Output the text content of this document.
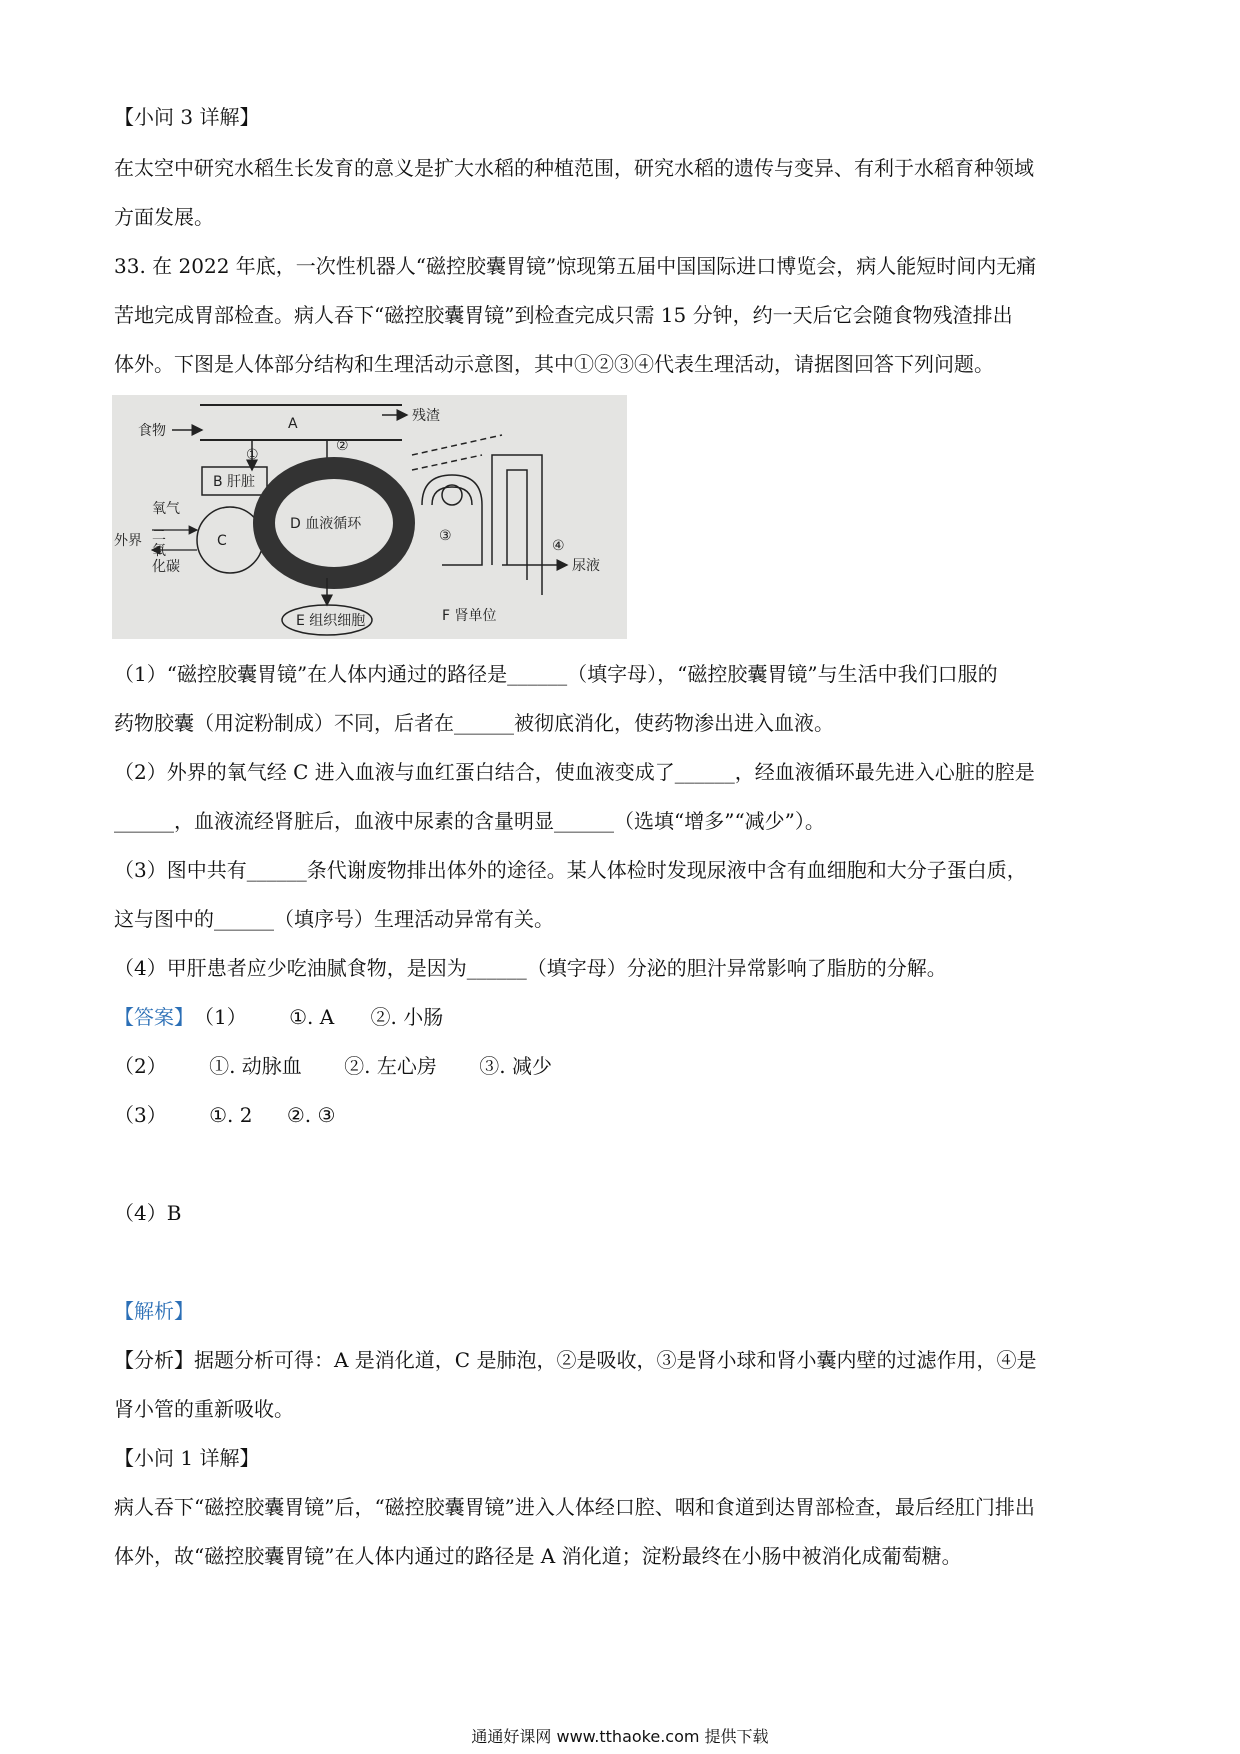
【小问 3 详解】
在太空中研究水稻生长发育的意义是扩大水稻的种植范围，研究水稻的遗传与变异、有利于水稻育种领域
方面发展。
33. 在 2022 年底，一次性机器人“磁控胶囊胃镜”惊现第五届中国国际进口博览会，病人能短时间内无痛
苦地完成胃部检查。病人吞下“磁控胶囊胃镜”到检查完成只需 15 分钟，约一天后它会随食物残渣排出
体外。下图是人体部分结构和生理活动示意图，其中①②③④代表生理活动，请据图回答下列问题。
食物	A	残渣
①
②
B 肝脏
C
氧气
外界 二
氧
化碳
D 血液循环
E 组织细胞
③
④
尿液
F 肾单位
（1）“磁控胶囊胃镜”在人体内通过的路径是______（填字母），“磁控胶囊胃镜”与生活中我们口服的
药物胶囊（用淀粉制成）不同，后者在______被彻底消化，使药物渗出进入血液。
（2）外界的氧气经 C 进入血液与血红蛋白结合，使血液变成了______，经血液循环最先进入心脏的腔是
______，血液流经肾脏后，血液中尿素的含量明显______（选填“增多”“减少”）。
（3）图中共有______条代谢废物排出体外的途径。某人体检时发现尿液中含有血细胞和大分子蛋白质，
这与图中的______（填序号）生理活动异常有关。
（4）甲肝患者应少吃油腻食物，是因为______（填字母）分泌的胆汁异常影响了脂肪的分解。
【答案】（1） ①. A ②. 小肠
（2） ①. 动脉血 ②. 左心房 ③. 减少
（3） ①. 2 ②. ③
（4）B
【解析】
【分析】据题分析可得：A 是消化道，C 是肺泡，②是吸收，③是肾小球和肾小囊内壁的过滤作用，④是
肾小管的重新吸收。
【小问 1 详解】
病人吞下“磁控胶囊胃镜”后，“磁控胶囊胃镜”进入人体经口腔、咽和食道到达胃部检查，最后经肛门排出
体外，故“磁控胶囊胃镜”在人体内通过的路径是 A 消化道；淀粉最终在小肠中被消化成葡萄糖。
通通好课网 www.tthaoke.com 提供下载
